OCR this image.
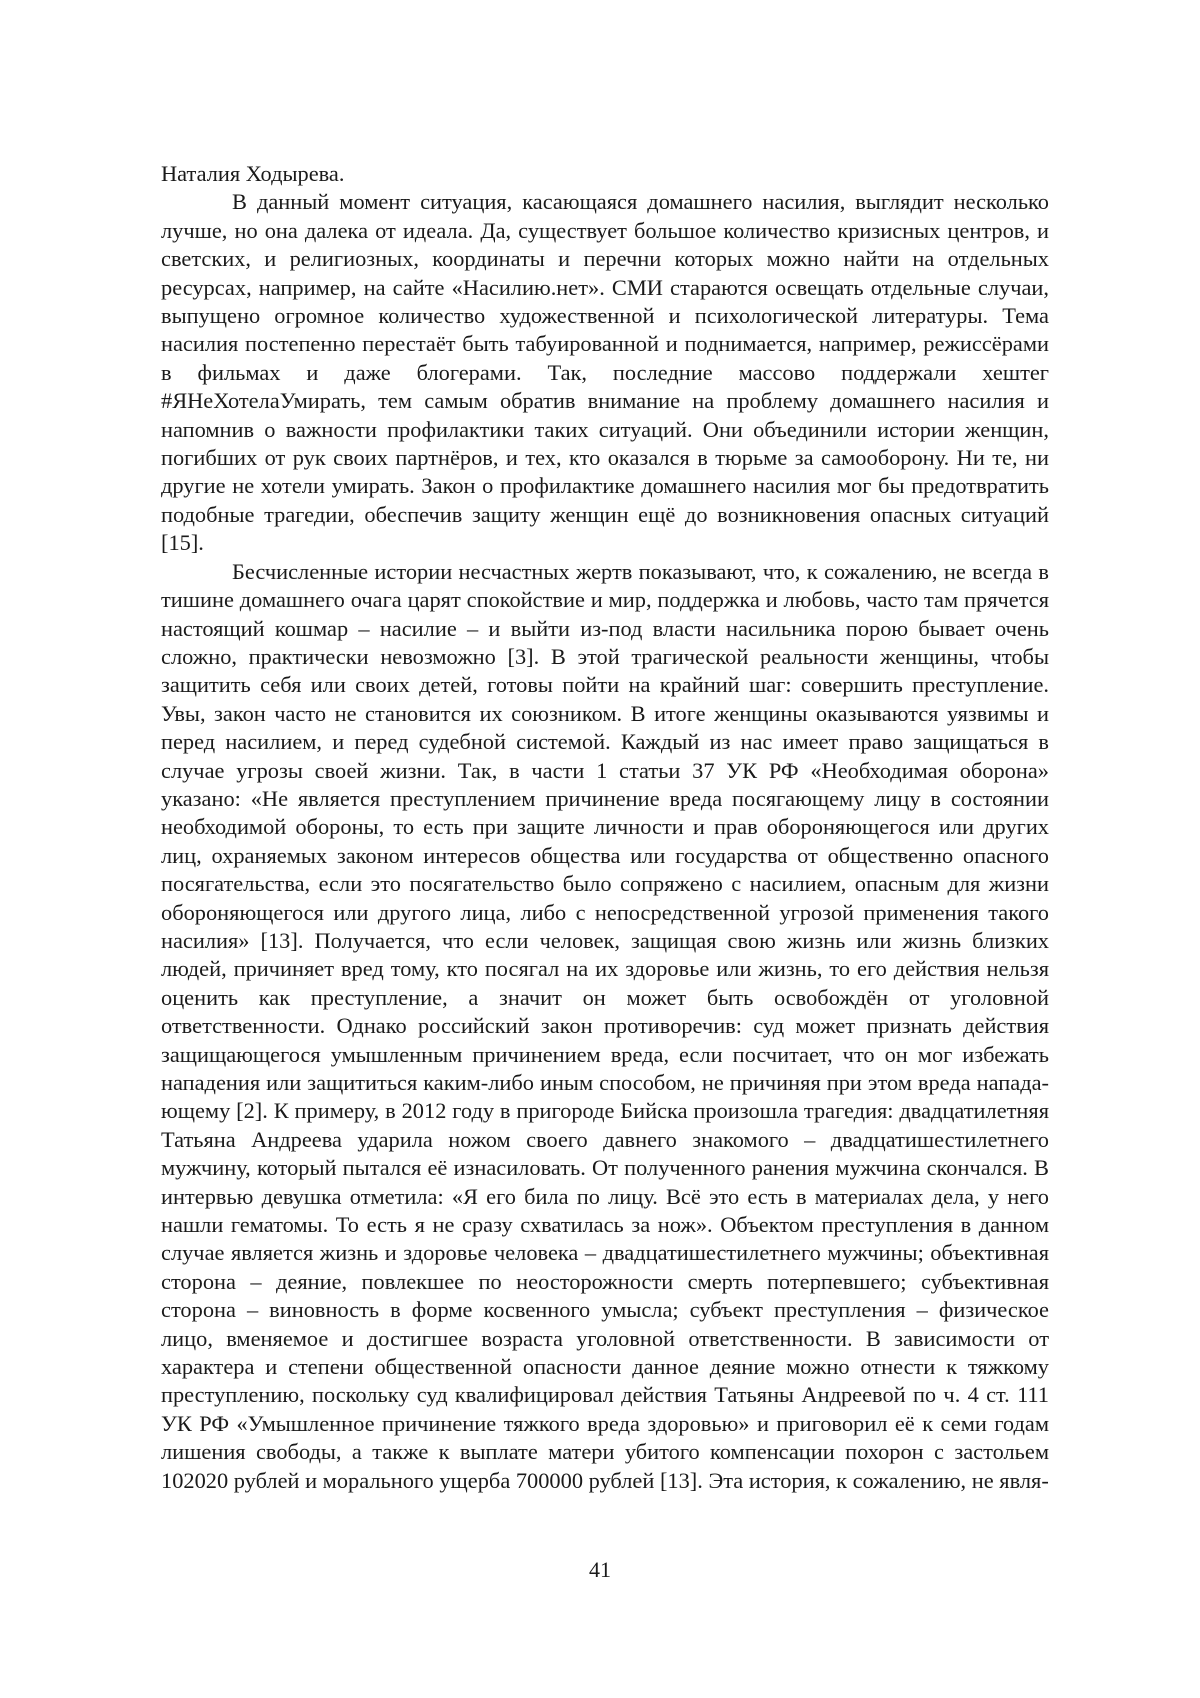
Наталия Ходырева.

В данный момент ситуация, касающаяся домашнего насилия, выглядит несколько лучше, но она далека от идеала. Да, существует большое количество кризисных центров, и светских, и религиозных, координаты и перечни которых можно найти на отдельных ресурсах, например, на сайте «Насилию.нет». СМИ стараются освещать отдельные случаи, выпущено огромное количество художественной и психологической литературы. Тема насилия постепенно перестаёт быть табуированной и поднимается, например, режиссёрами в фильмах и даже блогерами. Так, последние массово поддержали хештег #ЯНеХотелаУмирать, тем самым обратив внимание на проблему домашнего насилия и напомнив о важности профилактики таких ситуаций. Они объединили истории женщин, погибших от рук своих партнёров, и тех, кто оказался в тюрьме за самооборону. Ни те, ни другие не хотели умирать. Закон о профилактике домашнего насилия мог бы предотвратить подобные трагедии, обеспечив защиту женщин ещё до возникновения опасных ситуаций [15].

Бесчисленные истории несчастных жертв показывают, что, к сожалению, не всегда в тишине домашнего очага царят спокойствие и мир, поддержка и любовь, часто там прячется настоящий кошмар – насилие – и выйти из-под власти насильника порою бывает очень сложно, практически невозможно [3]. В этой трагической реальности женщины, чтобы защитить себя или своих детей, готовы пойти на крайний шаг: совершить преступление. Увы, закон часто не становится их союзником. В итоге женщины оказываются уязвимы и перед насилием, и перед судебной системой. Каждый из нас имеет право защищаться в случае угрозы своей жизни. Так, в части 1 статьи 37 УК РФ «Необходимая оборона» указано: «Не является преступлением причинение вреда посягающему лицу в состоянии необходимой обороны, то есть при защите личности и прав обороняющегося или других лиц, охраняемых законом интересов общества или государства от общественно опасного посягательства, если это посягательство было сопряжено с насилием, опасным для жизни обороняющегося или другого лица, либо с непосредственной угрозой применения такого насилия» [13]. Получается, что если человек, защищая свою жизнь или жизнь близких людей, причиняет вред тому, кто посягал на их здоровье или жизнь, то его действия нельзя оценить как преступление, а значит он может быть освобождён от уголовной ответственности. Однако российский закон противоречив: суд может признать действия защищающегося умышленным причинением вреда, если посчитает, что он мог избежать нападения или защититься каким-либо иным способом, не причиняя при этом вреда нападающему [2]. К примеру, в 2012 году в пригороде Бийска произошла трагедия: двадцатилетняя Татьяна Андреева ударила ножом своего давнего знакомого – двадцатишестилетнего мужчину, который пытался её изнасиловать. От полученного ранения мужчина скончался. В интервью девушка отметила: «Я его била по лицу. Всё это есть в материалах дела, у него нашли гематомы. То есть я не сразу схватилась за нож». Объектом преступления в данном случае является жизнь и здоровье человека – двадцатишестилетнего мужчины; объективная сторона – деяние, повлекшее по неосторожности смерть потерпевшего; субъективная сторона – виновность в форме косвенного умысла; субъект преступления – физическое лицо, вменяемое и достигшее возраста уголовной ответственности. В зависимости от характера и степени общественной опасности данное деяние можно отнести к тяжкому преступлению, поскольку суд квалифицировал действия Татьяны Андреевой по ч. 4 ст. 111 УК РФ «Умышленное причинение тяжкого вреда здоровью» и приговорил её к семи годам лишения свободы, а также к выплате матери убитого компенсации похорон с застольем 102020 рублей и морального ущерба 700000 рублей [13]. Эта история, к сожалению, не явля-

41
